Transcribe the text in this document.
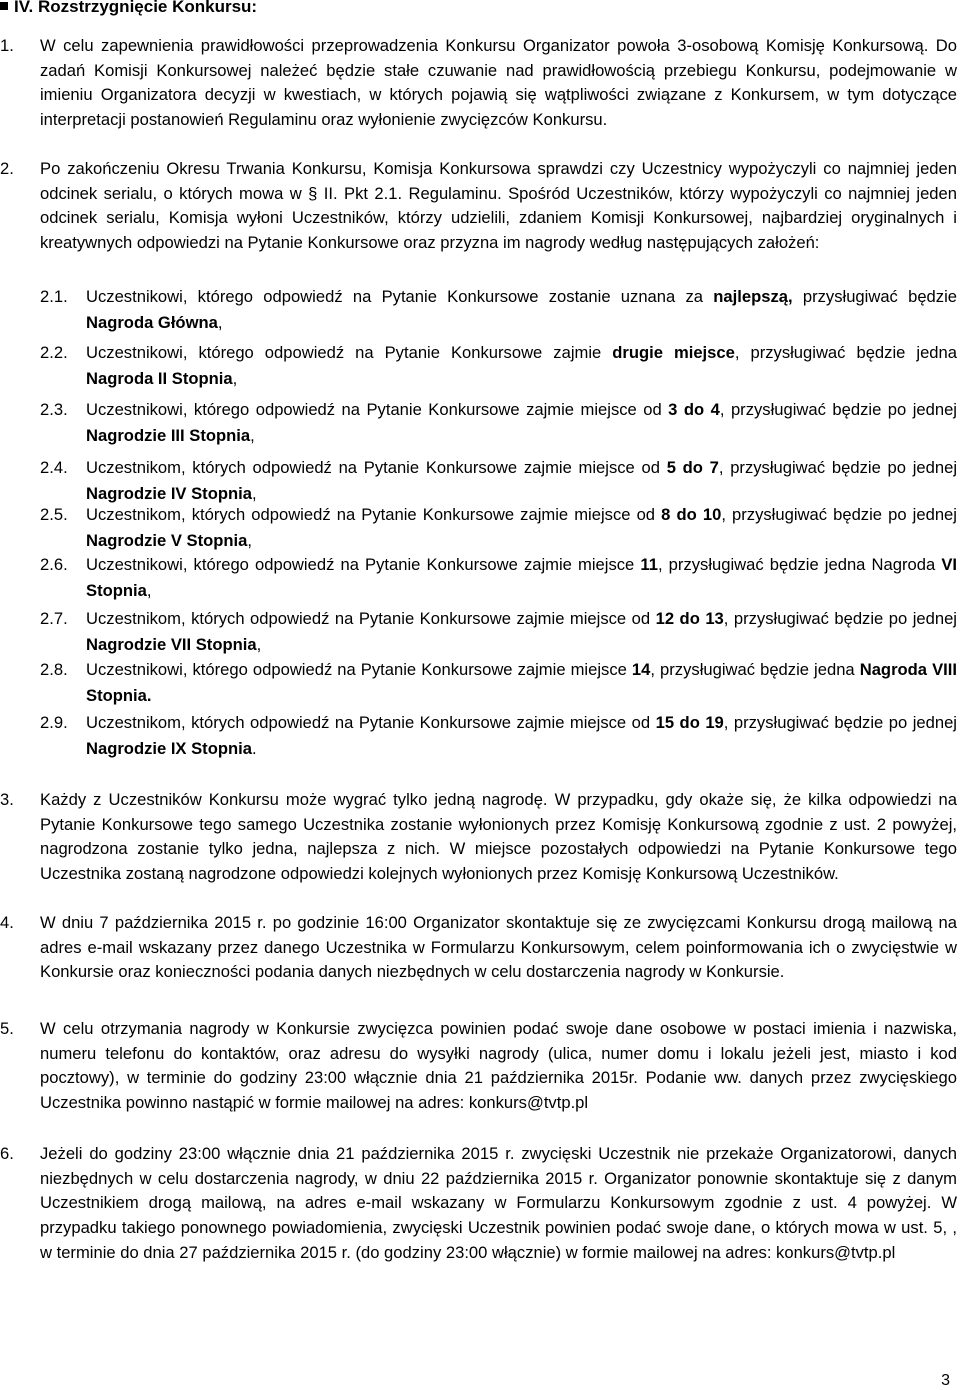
IV. Rozstrzygnięcie Konkursu:
1. W celu zapewnienia prawidłowości przeprowadzenia Konkursu Organizator powoła 3-osobową Komisję Konkursową. Do zadań Komisji Konkursowej należeć będzie stałe czuwanie nad prawidłowością przebiegu Konkursu, podejmowanie w imieniu Organizatora decyzji w kwestiach, w których pojawią się wątpliwości związane z Konkursem, w tym dotyczące interpretacji postanowień Regulaminu oraz wyłonienie zwycięzców Konkursu.

2. Po zakończeniu Okresu Trwania Konkursu, Komisja Konkursowa sprawdzi czy Uczestnicy wypożyczyli co najmniej jeden odcinek serialu, o których mowa w § II. Pkt 2.1. Regulaminu. Spośród Uczestników, którzy wypożyczyli co najmniej jeden odcinek serialu, Komisja wyłoni Uczestników, którzy udzielili, zdaniem Komisji Konkursowej, najbardziej oryginalnych i kreatywnych odpowiedzi na Pytanie Konkursowe oraz przyzna im nagrody według następujących założeń:

2.1. Uczestnikowi, którego odpowiedź na Pytanie Konkursowe zostanie uznana za najlepszą, przysługiwać będzie Nagroda Główna,

2.2. Uczestnikowi, którego odpowiedź na Pytanie Konkursowe zajmie drugie miejsce, przysługiwać będzie jedna Nagroda II Stopnia,

2.3. Uczestnikowi, którego odpowiedź na Pytanie Konkursowe zajmie miejsce od 3 do 4, przysługiwać będzie po jednej Nagrodzie III Stopnia,

2.4. Uczestnikom, których odpowiedź na Pytanie Konkursowe zajmie miejsce od 5 do 7, przysługiwać będzie po jednej Nagrodzie IV Stopnia,

2.5. Uczestnikom, których odpowiedź na Pytanie Konkursowe zajmie miejsce od 8 do 10, przysługiwać będzie po jednej Nagrodzie V Stopnia,

2.6. Uczestnikowi, którego odpowiedź na Pytanie Konkursowe zajmie miejsce 11, przysługiwać będzie jedna Nagroda VI Stopnia,

2.7. Uczestnikom, których odpowiedź na Pytanie Konkursowe zajmie miejsce od 12 do 13, przysługiwać będzie po jednej Nagrodzie VII Stopnia,

2.8. Uczestnikowi, którego odpowiedź na Pytanie Konkursowe zajmie miejsce 14, przysługiwać będzie jedna Nagroda VIII Stopnia.

2.9. Uczestnikom, których odpowiedź na Pytanie Konkursowe zajmie miejsce od 15 do 19, przysługiwać będzie po jednej Nagrodzie IX Stopnia.

3. Każdy z Uczestników Konkursu może wygrać tylko jedną nagrodę. W przypadku, gdy okaże się, że kilka odpowiedzi na Pytanie Konkursowe tego samego Uczestnika zostanie wyłonionych przez Komisję Konkursową zgodnie z ust. 2 powyżej, nagrodzona zostanie tylko jedna, najlepsza z nich. W miejsce pozostałych odpowiedzi na Pytanie Konkursowe tego Uczestnika zostaną nagrodzone odpowiedzi kolejnych wyłonionych przez Komisję Konkursową Uczestników.

4. W dniu 7 października 2015 r. po godzinie 16:00 Organizator skontaktuje się ze zwycięzcami Konkursu drogą mailową na adres e-mail wskazany przez danego Uczestnika w Formularzu Konkursowym, celem poinformowania ich o zwycięstwie w Konkursie oraz konieczności podania danych niezbędnych w celu dostarczenia nagrody w Konkursie.

5. W celu otrzymania nagrody w Konkursie zwycięzca powinien podać swoje dane osobowe w postaci imienia i nazwiska, numeru telefonu do kontaktów, oraz adresu do wysyłki nagrody (ulica, numer domu i lokalu jeżeli jest, miasto i kod pocztowy), w terminie do godziny 23:00 włącznie dnia 21 października 2015r. Podanie ww. danych przez zwycięskiego Uczestnika powinno nastąpić w formie mailowej na adres: konkurs@tvtp.pl

6. Jeżeli do godziny 23:00 włącznie dnia 21 października 2015 r. zwycięski Uczestnik nie przekaże Organizatorowi, danych niezbędnych w celu dostarczenia nagrody, w dniu 22 października 2015 r. Organizator ponownie skontaktuje się z danym Uczestnikiem drogą mailową, na adres e-mail wskazany w Formularzu Konkursowym zgodnie z ust. 4 powyżej. W przypadku takiego ponownego powiadomienia, zwycięski Uczestnik powinien podać swoje dane, o których mowa w ust. 5, , w terminie do dnia 27 października 2015 r. (do godziny 23:00 włącznie) w formie mailowej na adres: konkurs@tvtp.pl

3
